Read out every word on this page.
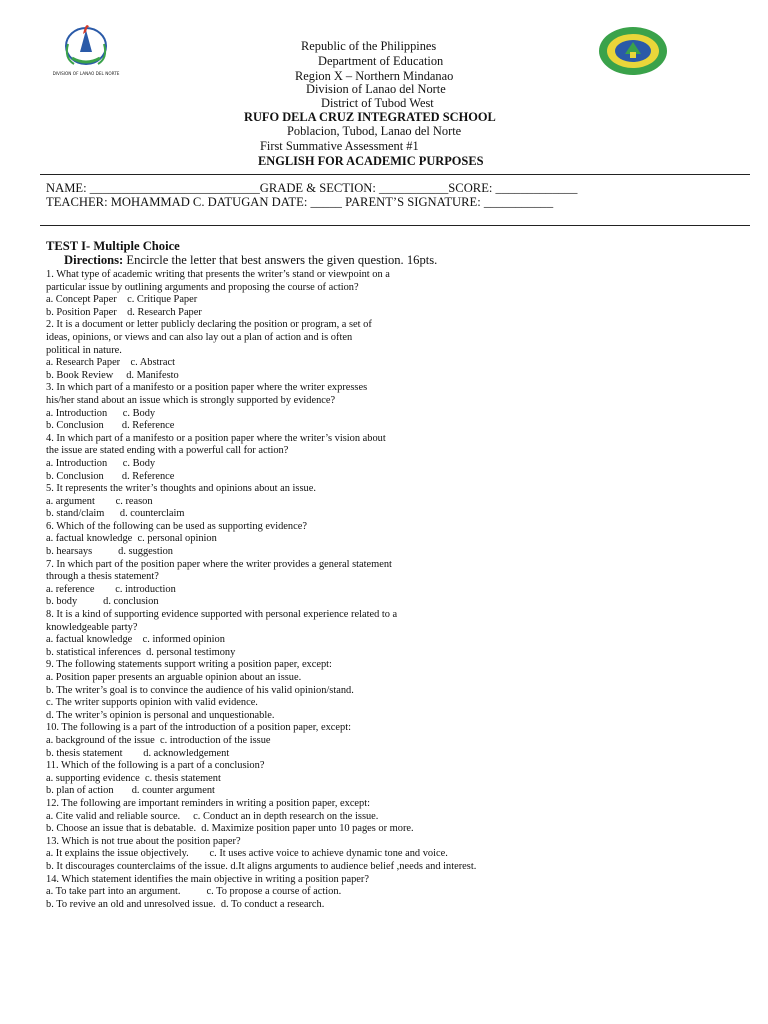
DIVISION OF LANAO DEL NORTE
Republic of the Philippines
Department of Education
Region X – Northern Mindanao
Division of Lanao del Norte
District of Tubod West
RUFO DELA CRUZ INTEGRATED SCHOOL
Poblacion, Tubod, Lanao del Norte
First Summative Assessment #1
ENGLISH FOR ACADEMIC PURPOSES
NAME: ___________________________GRADE & SECTION: ___________SCORE: _____________
TEACHER: MOHAMMAD C. DATUGAN DATE: _____ PARENT’S SIGNATURE: ___________
TEST I- Multiple Choice
Directions: Encircle the letter that best answers the given question. 16pts.
1. What type of academic writing that presents the writer’s stand or viewpoint on a
particular issue by outlining arguments and proposing the course of action?
a. Concept Paper    c. Critique Paper
b. Position Paper    d. Research Paper
2. It is a document or letter publicly declaring the position or program, a set of
ideas, opinions, or views and can also lay out a plan of action and is often
political in nature.
a. Research Paper    c. Abstract
b. Book Review     d. Manifesto
3. In which part of a manifesto or a position paper where the writer expresses
his/her stand about an issue which is strongly supported by evidence?
a. Introduction      c. Body
b. Conclusion       d. Reference
4. In which part of a manifesto or a position paper where the writer’s vision about
the issue are stated ending with a powerful call for action?
a. Introduction      c. Body
b. Conclusion       d. Reference
5. It represents the writer’s thoughts and opinions about an issue.
a. argument        c. reason
b. stand/claim      d. counterclaim
6. Which of the following can be used as supporting evidence?
a. factual knowledge  c. personal opinion
b. hearsays          d. suggestion
7. In which part of the position paper where the writer provides a general statement
through a thesis statement?
a. reference        c. introduction
b. body          d. conclusion
8. It is a kind of supporting evidence supported with personal experience related to a
knowledgeable party?
a. factual knowledge    c. informed opinion
b. statistical inferences  d. personal testimony
9. The following statements support writing a position paper, except:
a. Position paper presents an arguable opinion about an issue.
b. The writer’s goal is to convince the audience of his valid opinion/stand.
c. The writer supports opinion with valid evidence.
d. The writer’s opinion is personal and unquestionable.
10. The following is a part of the introduction of a position paper, except:
a. background of the issue  c. introduction of the issue
b. thesis statement        d. acknowledgement
11. Which of the following is a part of a conclusion?
a. supporting evidence  c. thesis statement
b. plan of action       d. counter argument
12. The following are important reminders in writing a position paper, except:
a. Cite valid and reliable source.     c. Conduct an in depth research on the issue.
b. Choose an issue that is debatable.  d. Maximize position paper unto 10 pages or more.
13. Which is not true about the position paper?
a. It explains the issue objectively.        c. It uses active voice to achieve dynamic tone and voice.
b. It discourages counterclaims of the issue. d.It aligns arguments to audience belief ,needs and interest.
14. Which statement identifies the main objective in writing a position paper?
a. To take part into an argument.          c. To propose a course of action.
b. To revive an old and unresolved issue.  d. To conduct a research.
